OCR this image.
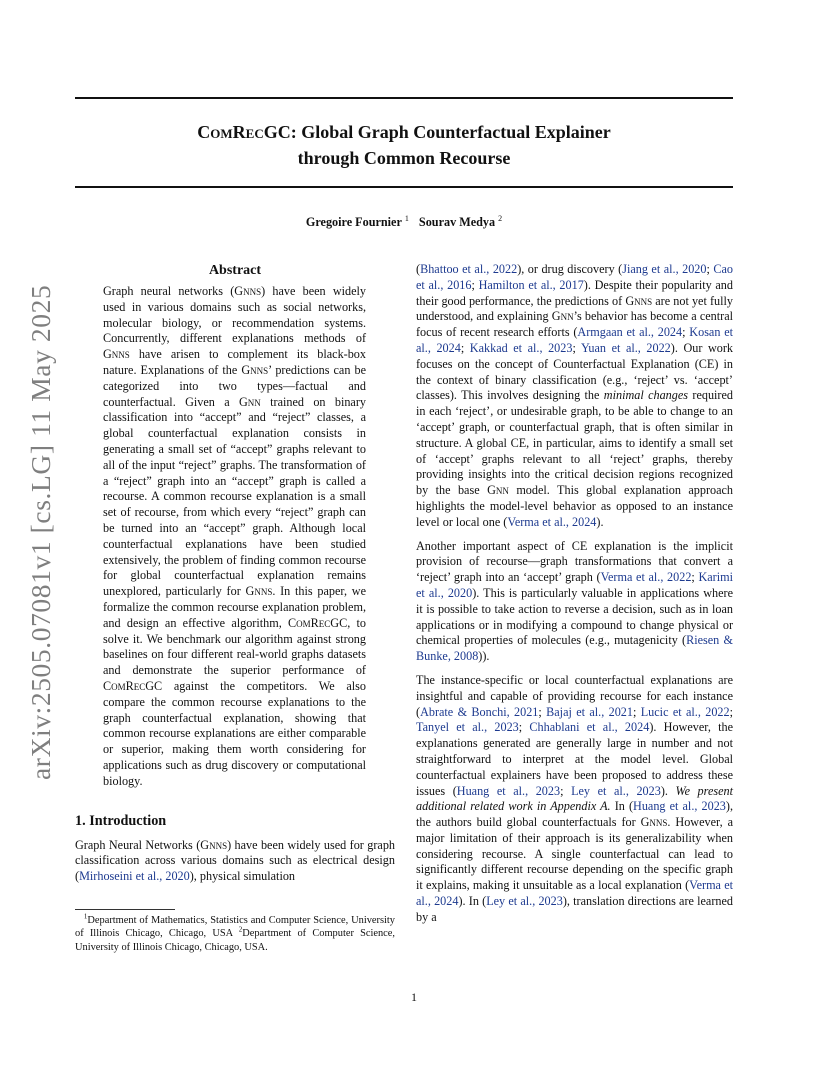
arXiv:2505.07081v1 [cs.LG] 11 May 2025
ComRecGC: Global Graph Counterfactual Explainer
through Common Recourse
Gregoire Fournier $^1$ Sourav Medya $^2$
Abstract

Graph neural networks (Gnns) have been widely used in various domains such as social networks, molecular biology, or recommendation systems. Concurrently, different explanations methods of Gnns have arisen to complement its black-box nature. Explanations of the Gnns’ predictions can be categorized into two types—factual and counterfactual. Given a Gnn trained on binary classification into “accept” and “reject” classes, a global counterfactual explanation consists in generating a small set of “accept” graphs relevant to all of the input “reject” graphs. The transformation of a “reject” graph into an “accept” graph is called a recourse. A common recourse explanation is a small set of recourse, from which every “reject” graph can be turned into an “accept” graph. Although local counterfactual explanations have been studied extensively, the problem of finding common recourse for global counterfactual explanation remains unexplored, particularly for Gnns. In this paper, we formalize the common recourse explanation problem, and design an effective algorithm, ComRecGC, to solve it. We benchmark our algorithm against strong baselines on four different real-world graphs datasets and demonstrate the superior performance of ComRecGC against the competitors. We also compare the common recourse explanations to the graph counterfactual explanation, showing that common recourse explanations are either comparable or superior, making them worth considering for applications such as drug discovery or computational biology.

1. Introduction

Graph Neural Networks (Gnns) have been widely used for graph classification across various domains such as electrical design (Mirhoseini et al., 2020), physical simulation

$^1$Department of Mathematics, Statistics and Computer Science, University of Illinois Chicago, Chicago, USA $^2$Department of Computer Science, University of Illinois Chicago, Chicago, USA.

(Bhattoo et al., 2022), or drug discovery (Jiang et al., 2020; Cao et al., 2016; Hamilton et al., 2017). Despite their popularity and their good performance, the predictions of Gnns are not yet fully understood, and explaining Gnn’s behavior has become a central focus of recent research efforts (Armgaan et al., 2024; Kosan et al., 2024; Kakkad et al., 2023; Yuan et al., 2022). Our work focuses on the concept of Counterfactual Explanation (CE) in the context of binary classification (e.g., ‘reject’ vs. ‘accept’ classes). This involves designing the minimal changes required in each ‘reject’, or undesirable graph, to be able to change to an ‘accept’ graph, or counterfactual graph, that is often similar in structure. A global CE, in particular, aims to identify a small set of ‘accept’ graphs relevant to all ‘reject’ graphs, thereby providing insights into the critical decision regions recognized by the base Gnn model. This global explanation approach highlights the model-level behavior as opposed to an instance level or local one (Verma et al., 2024).

Another important aspect of CE explanation is the implicit provision of recourse—graph transformations that convert a ‘reject’ graph into an ‘accept’ graph (Verma et al., 2022; Karimi et al., 2020). This is particularly valuable in applications where it is possible to take action to reverse a decision, such as in loan applications or in modifying a compound to change physical or chemical properties of molecules (e.g., mutagenicity (Riesen & Bunke, 2008)).

The instance-specific or local counterfactual explanations are insightful and capable of providing recourse for each instance (Abrate & Bonchi, 2021; Bajaj et al., 2021; Lucic et al., 2022; Tanyel et al., 2023; Chhablani et al., 2024). However, the explanations generated are generally large in number and not straightforward to interpret at the model level. Global counterfactual explainers have been proposed to address these issues (Huang et al., 2023; Ley et al., 2023). We present additional related work in Appendix A. In (Huang et al., 2023), the authors build global counterfactuals for Gnns. However, a major limitation of their approach is its generalizability when considering recourse. A single counterfactual can lead to significantly different recourse depending on the specific graph it explains, making it unsuitable as a local explanation (Verma et al., 2024). In (Ley et al., 2023), translation directions are learned by a

1
